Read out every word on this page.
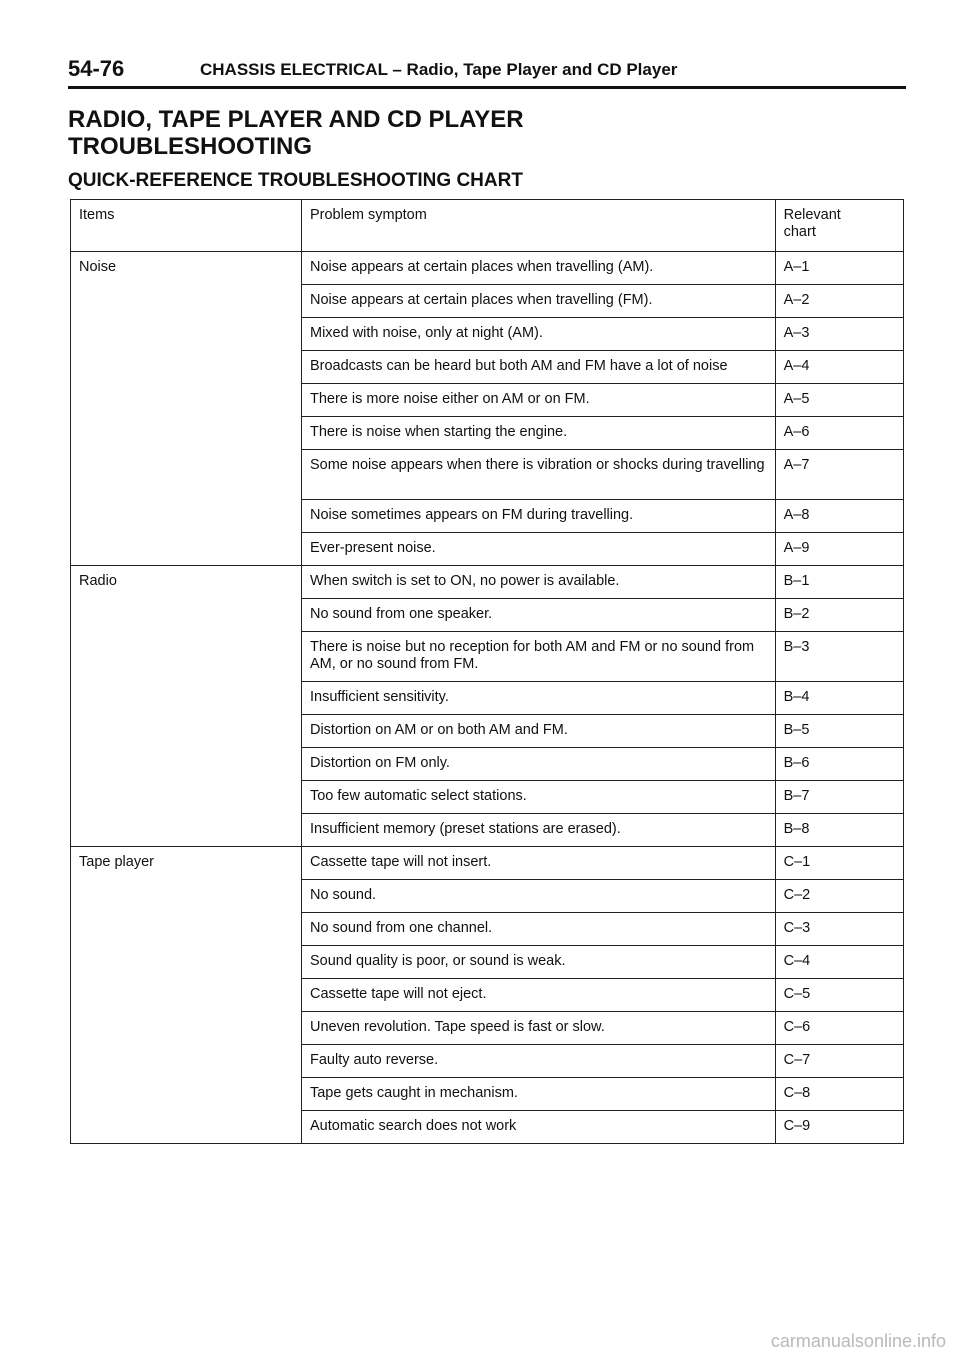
54-76	CHASSIS ELECTRICAL – Radio, Tape Player and CD Player
RADIO, TAPE PLAYER AND CD PLAYER
TROUBLESHOOTING
QUICK-REFERENCE TROUBLESHOOTING CHART
Items	Problem symptom	Relevant
chart

Noise	Noise appears at certain places when travelling (AM).	A–1
	Noise appears at certain places when travelling (FM).	A–2
	Mixed with noise, only at night (AM).	A–3
	Broadcasts can be heard but both AM and FM have a lot of noise	A–4
	There is more noise either on AM or on FM.	A–5
	There is noise when starting the engine.	A–6
	Some noise appears when there is vibration or shocks during travelling	A–7
	Noise sometimes appears on FM during travelling.	A–8
	Ever-present noise.	A–9
Radio	When switch is set to ON, no power is available.	B–1
	No sound from one speaker.	B–2
	There is noise but no reception for both AM and FM or no sound from AM, or no sound from FM.	B–3
	Insufficient sensitivity.	B–4
	Distortion on AM or on both AM and FM.	B–5
	Distortion on FM only.	B–6
	Too few automatic select stations.	B–7
	Insufficient memory (preset stations are erased).	B–8
Tape player	Cassette tape will not insert.	C–1
	No sound.	C–2
	No sound from one channel.	C–3
	Sound quality is poor, or sound is weak.	C–4
	Cassette tape will not eject.	C–5
	Uneven revolution. Tape speed is fast or slow.	C–6
	Faulty auto reverse.	C–7
	Tape gets caught in mechanism.	C–8
	Automatic search does not work	C–9
carmanualsonline.info
